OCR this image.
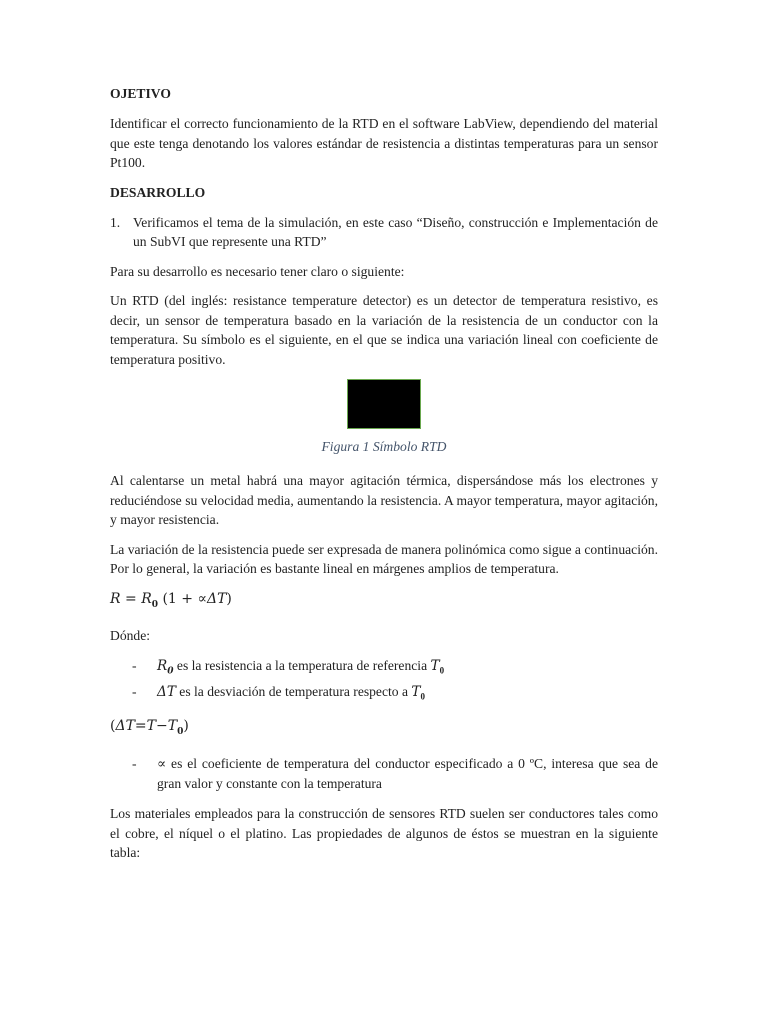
OJETIVO
Identificar el correcto funcionamiento de la RTD en el software LabView, dependiendo del material que este tenga denotando los valores estándar de resistencia a distintas temperaturas para un sensor Pt100.
DESARROLLO
1. Verificamos el tema de la simulación, en este caso “Diseño, construcción e Implementación de un SubVI que represente una RTD”
Para su desarrollo es necesario tener claro o siguiente:
Un RTD (del inglés: resistance temperature detector) es un detector de temperatura resistivo, es decir, un sensor de temperatura basado en la variación de la resistencia de un conductor con la temperatura. Su símbolo es el siguiente, en el que se indica una variación lineal con coeficiente de temperatura positivo.
Figura 1 Símbolo RTD
Al calentarse un metal habrá una mayor agitación térmica, dispersándose más los electrones y reduciéndose su velocidad media, aumentando la resistencia. A mayor temperatura, mayor agitación, y mayor resistencia.
La variación de la resistencia puede ser expresada de manera polinómica como sigue a continuación. Por lo general, la variación es bastante lineal en márgenes amplios de temperatura.
$R = R_0$ (1 + ∝ΔT)
Dónde:
-	$R_0$ es la resistencia a la temperatura de referencia $T_0$
-	ΔT es la desviación de temperatura respecto a $T_0$
$(\Delta T=T-T_0)$
-	∝ es el coeficiente de temperatura del conductor especificado a 0 ºC, interesa que sea de gran valor y constante con la temperatura
Los materiales empleados para la construcción de sensores RTD suelen ser conductores tales como el cobre, el níquel o el platino. Las propiedades de algunos de éstos se muestran en la siguiente tabla:
